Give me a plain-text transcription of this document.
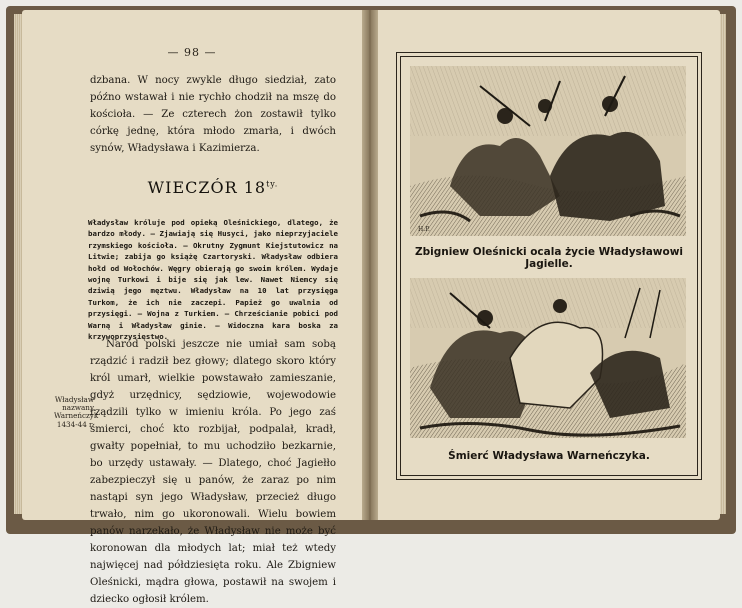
— 98 —

dzbana. W nocy zwykle długo siedział, zato późno wstawał i nie rychło chodził na mszę do kościoła. — Ze czterech żon zostawił tylko córkę jednę, która młodo zmarła, i dwóch synów, Władysława i Kazimierza.

WIECZÓR $18^{ty.}$

Władysław króluje pod opieką Oleśnickiego, dlatego, że bardzo młody. — Zjawiają się Husyci, jako nieprzyjaciele rzymskiego kościoła. — Okrutny Zygmunt Kiejstutowicz na Litwie; zabija go książę Czartoryski. Władysław odbiera hołd od Wołochów. Węgry obierają go swoim królem. Wydaje wojnę Turkowi i bije się jak lew. Nawet Niemcy się dziwią jego męztwu. Władysław na 10 lat przysięga Turkom, że ich nie zaczepi. Papież go uwalnia od przysięgi. — Wojna z Turkiem. — Chrześcianie pobici pod Warną i Władysław ginie. — Widoczna kara boska za krzywoprzysięstwo.

Naród polski jeszcze nie umiał sam sobą rządzić i radził bez głowy; dlatego skoro który król umarł, wielkie powstawało zamieszanie, gdyż urzędnicy, sędziowie, wojewodowie rządzili tylko w imieniu króla. Po jego zaś śmierci, choć kto rozbijał, podpalał, kradł, gwałty popełniał, to mu uchodziło bezkarnie, bo urzędy ustawały. — Dlatego, choć Jagiełło zabezpieczył się u panów, że zaraz po nim nastąpi syn jego Władysław, przecież długo trwało, nim go ukoronowali. Wielu bowiem panów narzekało, że Władysław nie może być koronowan dla młodych lat; miał też wtedy najwięcej nad półdziesięta roku. Ale Zbigniew Oleśnicki, mądra głowa, postawił na swojem i dziecko ogłosił królem.

Władysław nazwany Warneńczyk 1434-44 r.

H.P.
Zbigniew Oleśnicki ocala życie Władysławowi Jagielle.
Śmierć Władysława Warneńczyka.
